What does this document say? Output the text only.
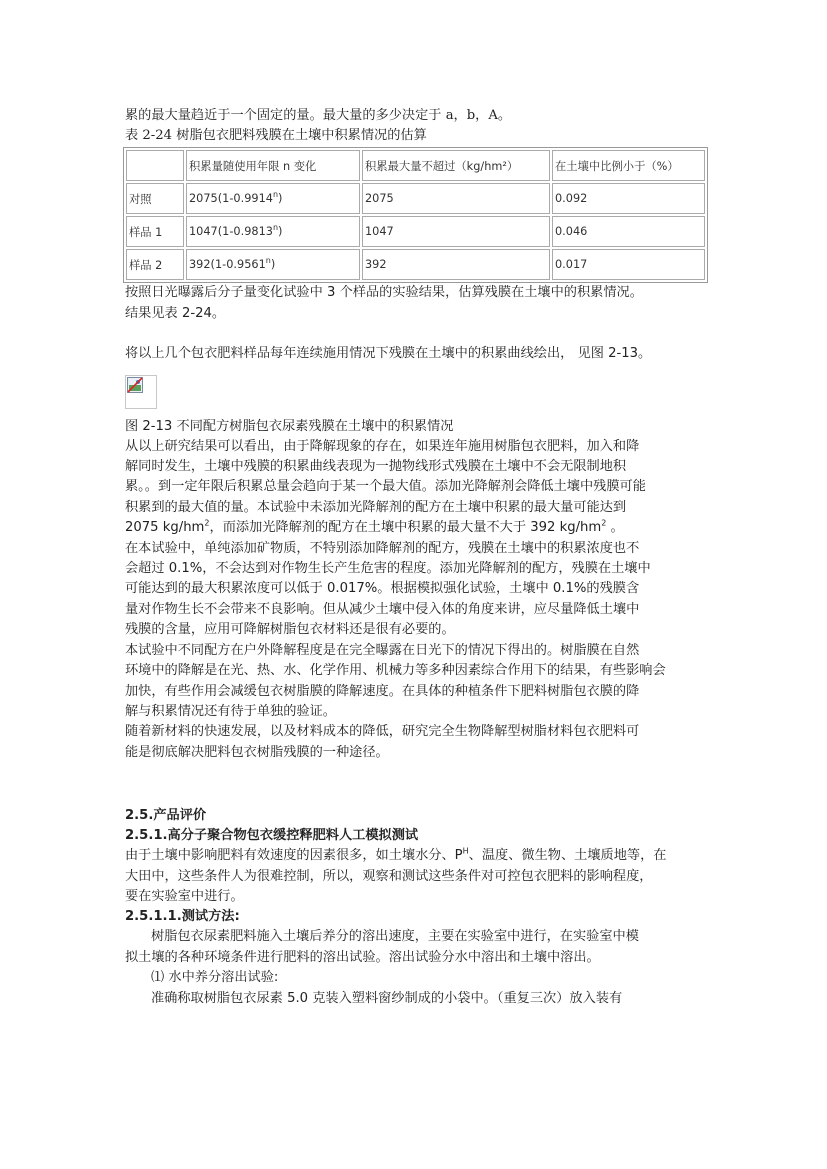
累的最大量趋近于一个固定的量。最大量的多少决定于 a，b，A。

表 2-24 树脂包衣肥料残膜在土壤中积累情况的估算

	积累量随使用年限 n 变化	积累最大量不超过（kg/hm²）	在土壤中比例小于（%）
对照	2075(1-0.9914$^n$)	2075	0.092
样品 1	1047(1-0.9813$^n$)	1047	0.046
样品 2	392(1-0.9561$^n$)	392	0.017

按照日光曝露后分子量变化试验中 3 个样品的实验结果，估算残膜在土壤中的积累情况。

结果见表 2-24。

将以上几个包衣肥料样品每年连续施用情况下残膜在土壤中的积累曲线绘出， 见图 2-13。

图 2-13 不同配方树脂包衣尿素残膜在土壤中的积累情况

从以上研究结果可以看出，由于降解现象的存在，如果连年施用树脂包衣肥料，加入和降

解同时发生，土壤中残膜的积累曲线表现为一抛物线形式残膜在土壤中不会无限制地积

累。。到一定年限后积累总量会趋向于某一个最大值。添加光降解剂会降低土壤中残膜可能

积累到的最大值的量。本试验中未添加光降解剂的配方在土壤中积累的最大量可能达到

2075 $kg/hm^2$，而添加光降解剂的配方在土壤中积累的最大量不大于 392 $kg/hm^2$ 。

在本试验中，单纯添加矿物质，不特别添加降解剂的配方，残膜在土壤中的积累浓度也不

会超过 0.1%，不会达到对作物生长产生危害的程度。添加光降解剂的配方，残膜在土壤中

可能达到的最大积累浓度可以低于 0.017%。根据模拟强化试验，土壤中 0.1%的残膜含

量对作物生长不会带来不良影响。但从减少土壤中侵入体的角度来讲，应尽量降低土壤中

残膜的含量，应用可降解树脂包衣材料还是很有必要的。

本试验中不同配方在户外降解程度是在完全曝露在日光下的情况下得出的。树脂膜在自然

环境中的降解是在光、热、水、化学作用、机械力等多种因素综合作用下的结果，有些影响会

加快，有些作用会减缓包衣树脂膜的降解速度。在具体的种植条件下肥料树脂包衣膜的降

解与积累情况还有待于单独的验证。

随着新材料的快速发展，以及材料成本的降低，研究完全生物降解型树脂材料包衣肥料可

能是彻底解决肥料包衣树脂残膜的一种途径。

2.5.产品评价

2.5.1.高分子聚合物包衣缓控释肥料人工模拟测试

由于土壤中影响肥料有效速度的因素很多，如土壤水分、$P^H$、温度、微生物、土壤质地等，在

大田中，这些条件人为很难控制，所以，观察和测试这些条件对可控包衣肥料的影响程度，

要在实验室中进行。

2.5.1.1.测试方法:

树脂包衣尿素肥料施入土壤后养分的溶出速度，主要在实验室中进行，在实验室中模

拟土壤的各种环境条件进行肥料的溶出试验。溶出试验分水中溶出和土壤中溶出。

⑴ 水中养分溶出试验:

准确称取树脂包衣尿素 5.0 克装入塑料窗纱制成的小袋中。（重复三次）放入装有
